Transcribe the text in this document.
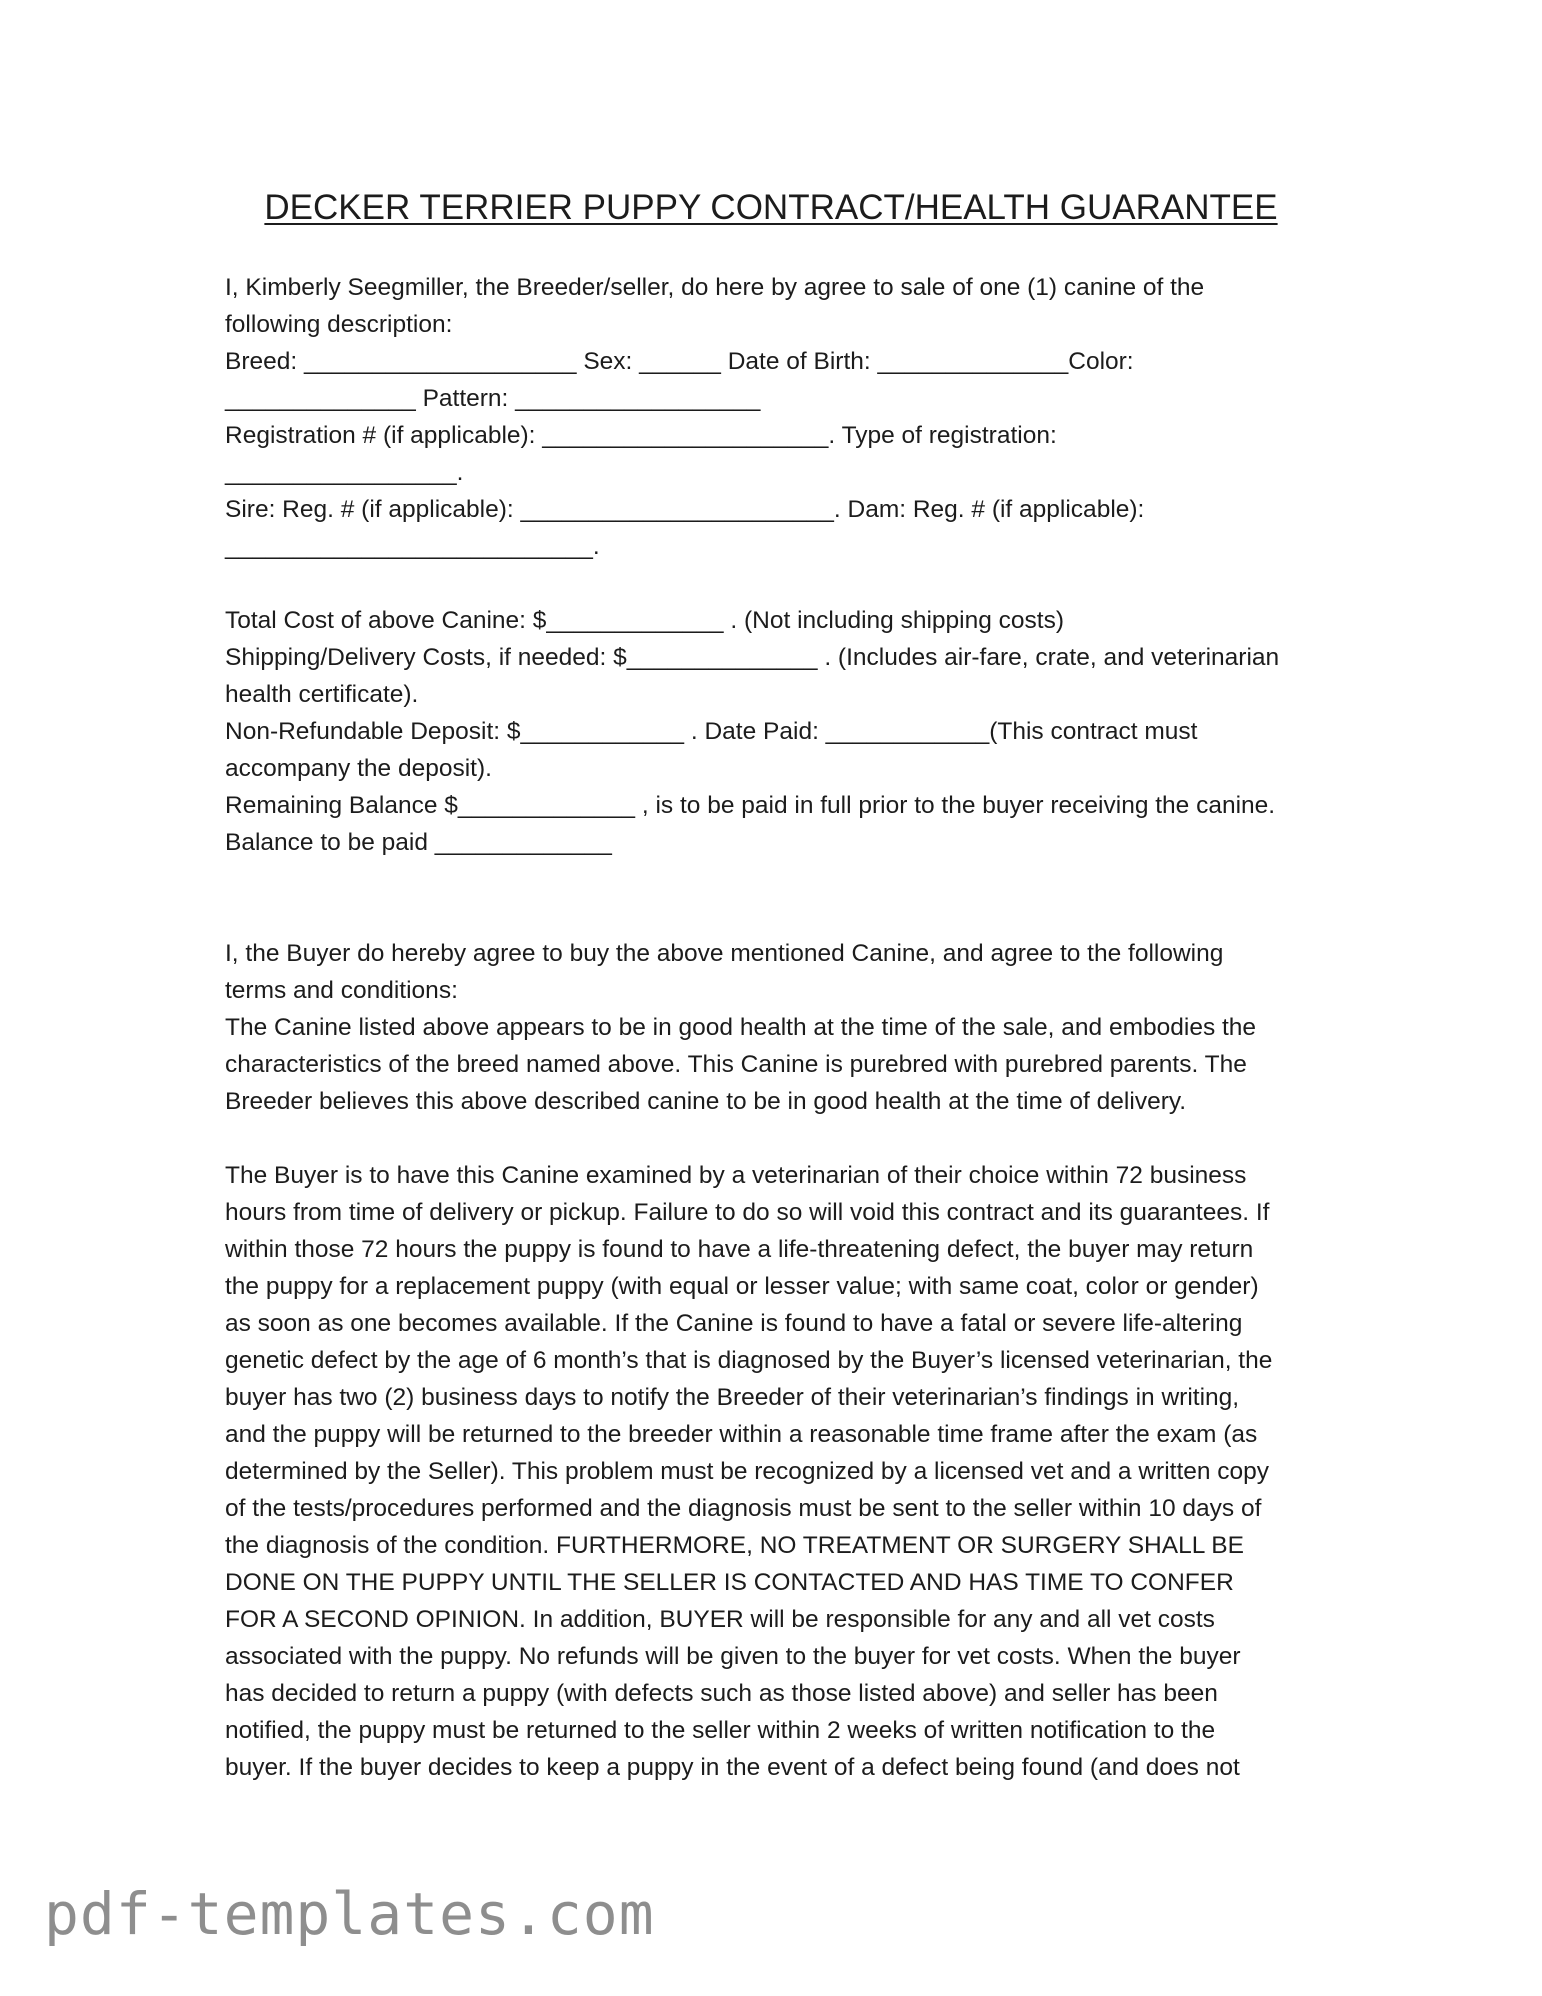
DECKER TERRIER PUPPY CONTRACT/HEALTH GUARANTEE
I, Kimberly Seegmiller, the Breeder/seller, do here by agree to sale of one (1) canine of the
following description:
Breed: ____________________ Sex: ______ Date of Birth: ______________Color:
______________ Pattern: __________________
Registration # (if applicable): _____________________. Type of registration:
_________________.
Sire: Reg. # (if applicable): _______________________. Dam: Reg. # (if applicable):
___________________________.
Total Cost of above Canine: $_____________ . (Not including shipping costs)
Shipping/Delivery Costs, if needed: $______________ . (Includes air-fare, crate, and veterinarian
health certificate).
Non-Refundable Deposit: $____________ . Date Paid: ____________(This contract must
accompany the deposit).
Remaining Balance $_____________ , is to be paid in full prior to the buyer receiving the canine.
Balance to be paid _____________
I, the Buyer do hereby agree to buy the above mentioned Canine, and agree to the following
terms and conditions:
The Canine listed above appears to be in good health at the time of the sale, and embodies the
characteristics of the breed named above. This Canine is purebred with purebred parents. The
Breeder believes this above described canine to be in good health at the time of delivery.
The Buyer is to have this Canine examined by a veterinarian of their choice within 72 business
hours from time of delivery or pickup. Failure to do so will void this contract and its guarantees. If
within those 72 hours the puppy is found to have a life-threatening defect, the buyer may return
the puppy for a replacement puppy (with equal or lesser value; with same coat, color or gender)
as soon as one becomes available. If the Canine is found to have a fatal or severe life-altering
genetic defect by the age of 6 month’s that is diagnosed by the Buyer’s licensed veterinarian, the
buyer has two (2) business days to notify the Breeder of their veterinarian’s findings in writing,
and the puppy will be returned to the breeder within a reasonable time frame after the exam (as
determined by the Seller). This problem must be recognized by a licensed vet and a written copy
of the tests/procedures performed and the diagnosis must be sent to the seller within 10 days of
the diagnosis of the condition. FURTHERMORE, NO TREATMENT OR SURGERY SHALL BE
DONE ON THE PUPPY UNTIL THE SELLER IS CONTACTED AND HAS TIME TO CONFER
FOR A SECOND OPINION. In addition, BUYER will be responsible for any and all vet costs
associated with the puppy. No refunds will be given to the buyer for vet costs. When the buyer
has decided to return a puppy (with defects such as those listed above) and seller has been
notified, the puppy must be returned to the seller within 2 weeks of written notification to the
buyer. If the buyer decides to keep a puppy in the event of a defect being found (and does not
pdf-templates.com
